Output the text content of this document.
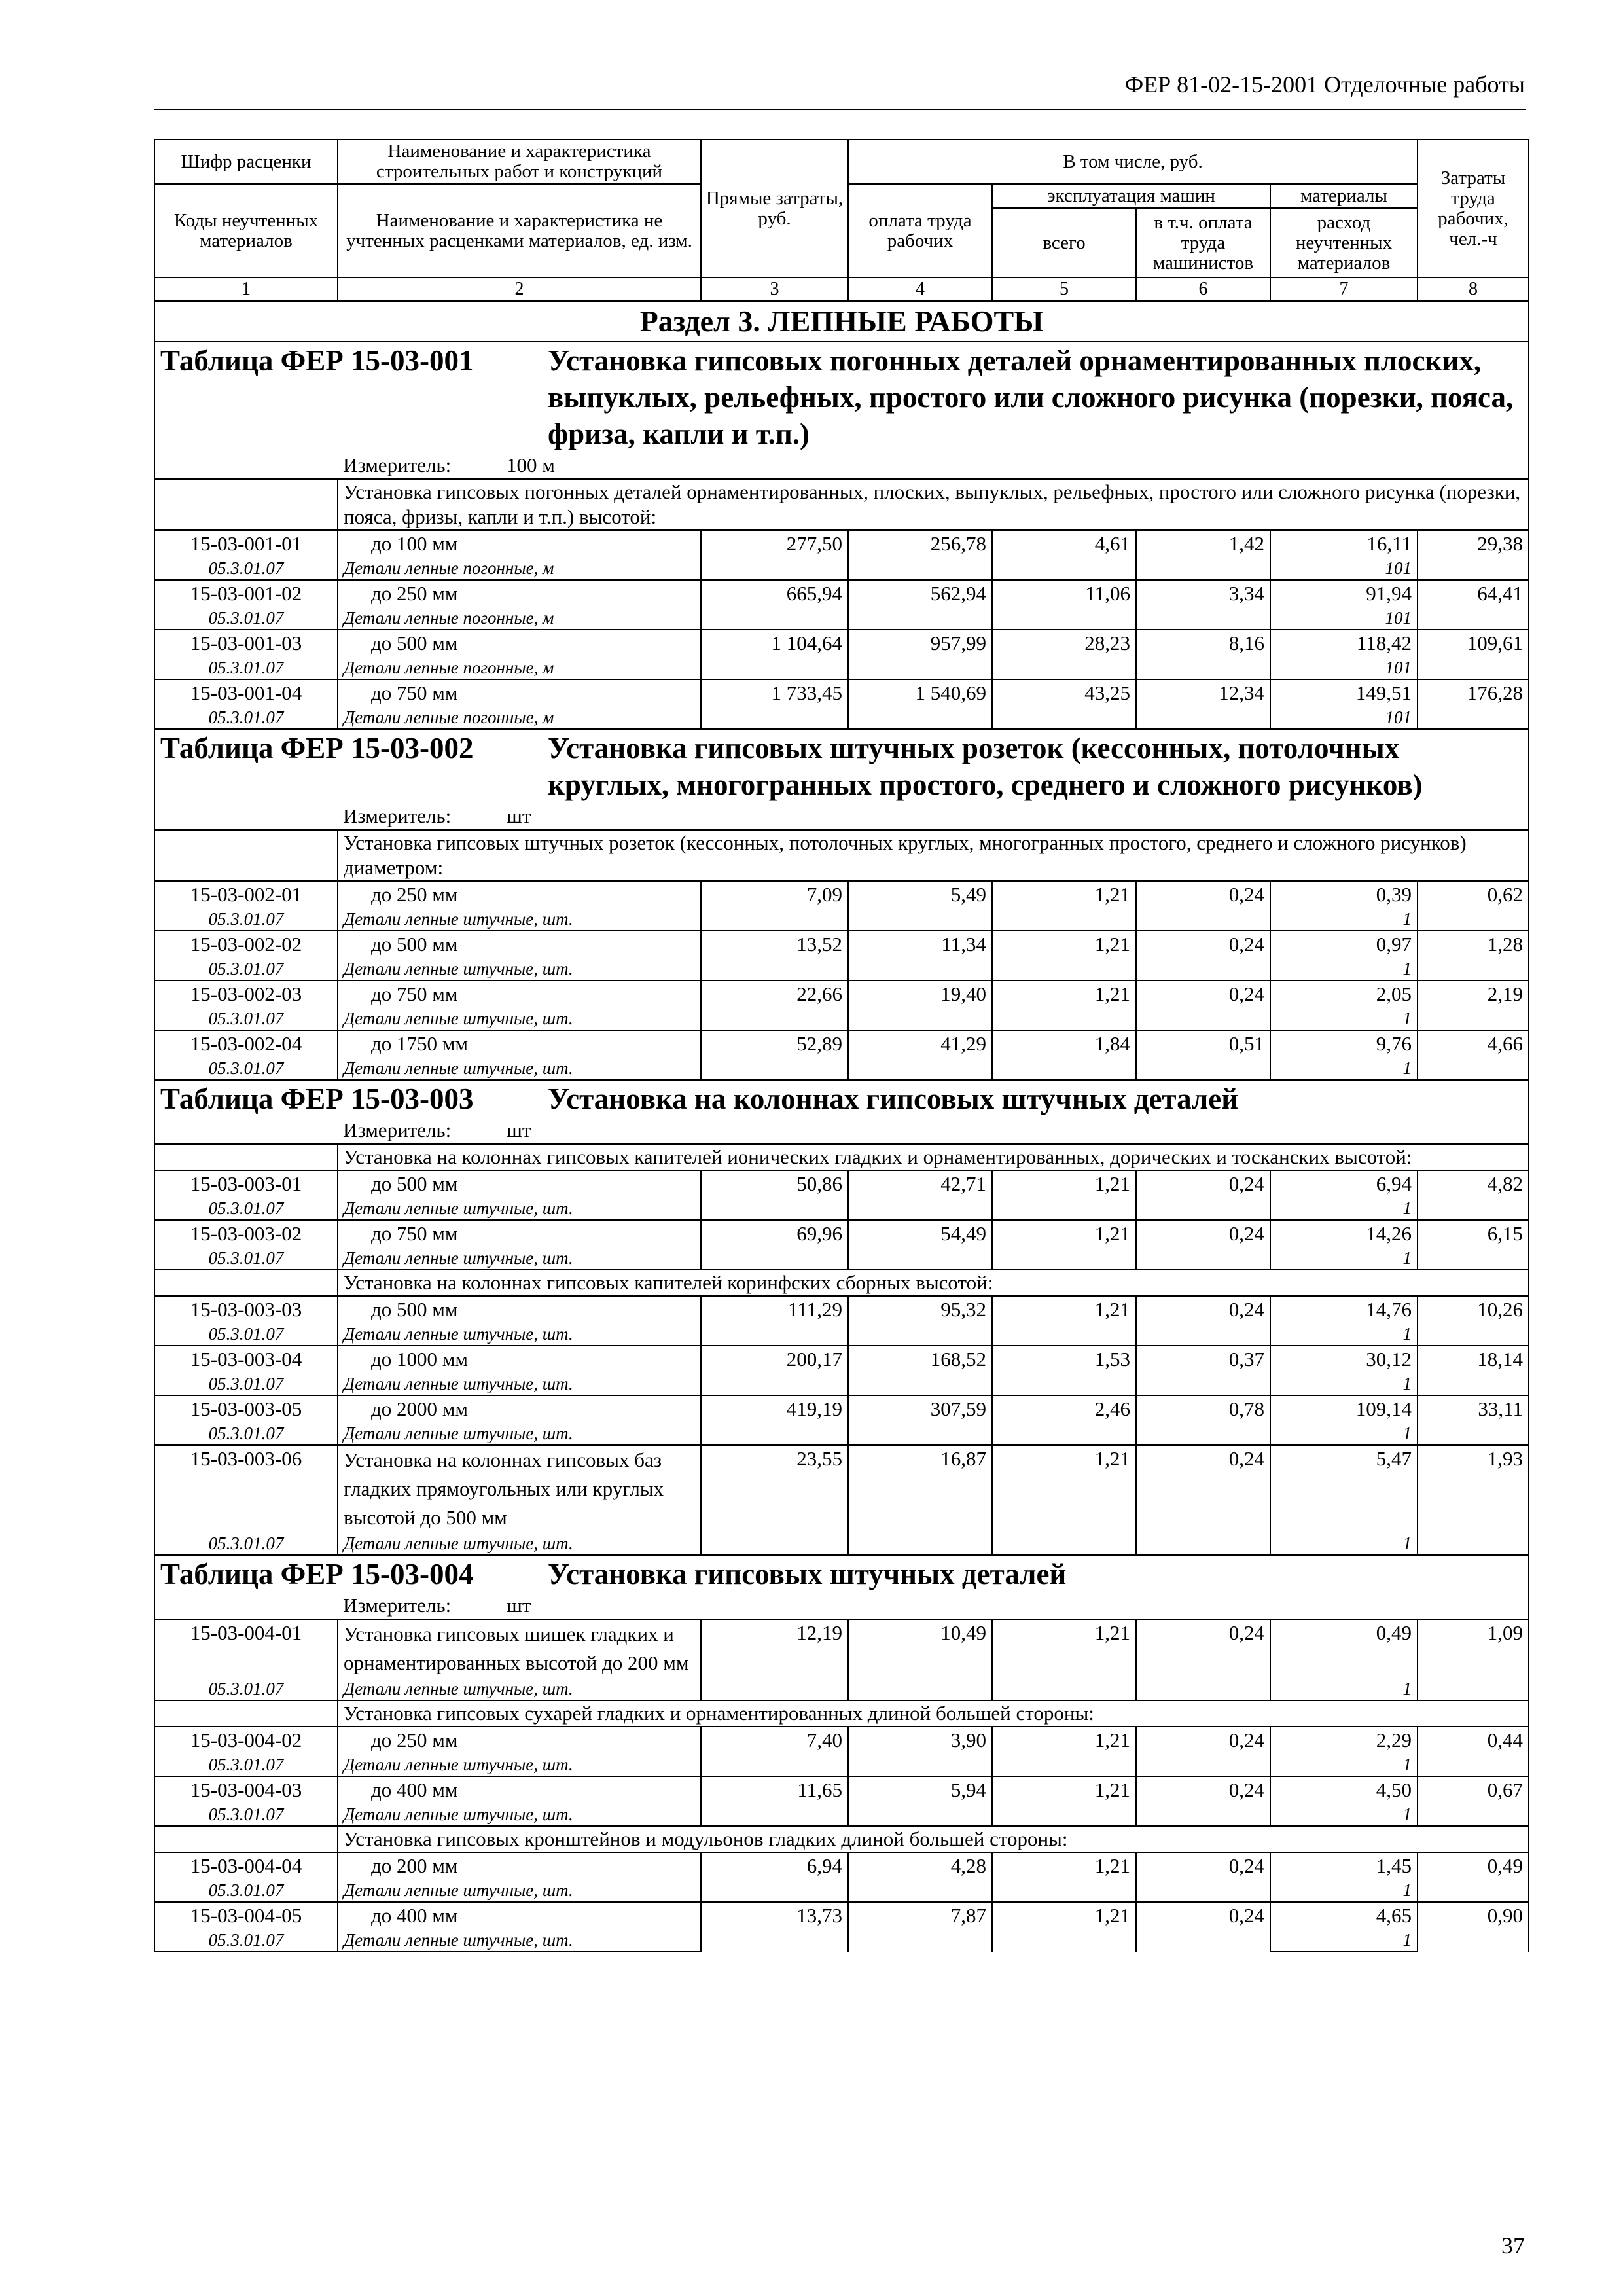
ФЕР 81-02-15-2001 Отделочные работы
Шифр расценки	Наименование и характеристика строительных работ и конструкций	Прямые затраты, руб.	В том числе, руб.				Затраты труда рабочих, чел.-ч
Коды неучтенных материалов	Наименование и характеристика не учтенных расценками материалов, ед. изм.		оплата труда рабочих	эксплуатация машин		материалы	
				всего	в т.ч. оплата труда машинистов	расход неучтенных материалов	
1	2	3	4	5	6	7	8
Раздел 3. ЛЕПНЫЕ РАБОТЫ							

Таблица ФЕР 15-03-001 Установка гипсовых погонных деталей орнаментированных плоских, выпуклых, рельефных, простого или сложного рисунка (порезки, пояса, фриза, капли и т.п.)							

	Измеритель: 100 м						
	Установка гипсовых погонных деталей орнаментированных, плоских, выпуклых, рельефных, простого или сложного рисунка (порезки, пояса, фризы, капли и т.п.) высотой:						
15-03-001-01	до 100 мм	277,50	256,78	4,61	1,42	16,11	29,38
05.3.01.07	Детали лепные погонные, м					101	
15-03-001-02	до 250 мм	665,94	562,94	11,06	3,34	91,94	64,41
05.3.01.07	Детали лепные погонные, м					101	
15-03-001-03	до 500 мм	1 104,64	957,99	28,23	8,16	118,42	109,61
05.3.01.07	Детали лепные погонные, м					101	
15-03-001-04	до 750 мм	1 733,45	1 540,69	43,25	12,34	149,51	176,28
05.3.01.07	Детали лепные погонные, м					101	

Таблица ФЕР 15-03-002 Установка гипсовых штучных розеток (кессонных, потолочных круглых, многогранных простого, среднего и сложного рисунков)							

	Измеритель: шт						
	Установка гипсовых штучных розеток (кессонных, потолочных круглых, многогранных простого, среднего и сложного рисунков) диаметром:						
15-03-002-01	до 250 мм	7,09	5,49	1,21	0,24	0,39	0,62
05.3.01.07	Детали лепные штучные, шт.					1	
15-03-002-02	до 500 мм	13,52	11,34	1,21	0,24	0,97	1,28
05.3.01.07	Детали лепные штучные, шт.					1	
15-03-002-03	до 750 мм	22,66	19,40	1,21	0,24	2,05	2,19
05.3.01.07	Детали лепные штучные, шт.					1	
15-03-002-04	до 1750 мм	52,89	41,29	1,84	0,51	9,76	4,66
05.3.01.07	Детали лепные штучные, шт.					1	

Таблица ФЕР 15-03-003 Установка на колоннах гипсовых штучных деталей							

	Измеритель: шт						
	Установка на колоннах гипсовых капителей ионических гладких и орнаментированных, дорических и тосканских высотой:						
15-03-003-01	до 500 мм	50,86	42,71	1,21	0,24	6,94	4,82
05.3.01.07	Детали лепные штучные, шт.					1	
15-03-003-02	до 750 мм	69,96	54,49	1,21	0,24	14,26	6,15
05.3.01.07	Детали лепные штучные, шт.					1	
	Установка на колоннах гипсовых капителей коринфских сборных высотой:						
15-03-003-03	до 500 мм	111,29	95,32	1,21	0,24	14,76	10,26
05.3.01.07	Детали лепные штучные, шт.					1	
15-03-003-04	до 1000 мм	200,17	168,52	1,53	0,37	30,12	18,14
05.3.01.07	Детали лепные штучные, шт.					1	
15-03-003-05	до 2000 мм	419,19	307,59	2,46	0,78	109,14	33,11
05.3.01.07	Детали лепные штучные, шт.					1	
15-03-003-06	Установка на колоннах гипсовых баз гладких прямоугольных или круглых высотой до 500 мм	23,55	16,87	1,21	0,24	5,47	1,93
05.3.01.07	Детали лепные штучные, шт.					1	

Таблица ФЕР 15-03-004 Установка гипсовых штучных деталей							

	Измеритель: шт						
15-03-004-01	Установка гипсовых шишек гладких и орнаментированных высотой до 200 мм	12,19	10,49	1,21	0,24	0,49	1,09
05.3.01.07	Детали лепные штучные, шт.					1	
	Установка гипсовых сухарей гладких и орнаментированных длиной большей стороны:						
15-03-004-02	до 250 мм	7,40	3,90	1,21	0,24	2,29	0,44
05.3.01.07	Детали лепные штучные, шт.					1	
15-03-004-03	до 400 мм	11,65	5,94	1,21	0,24	4,50	0,67
05.3.01.07	Детали лепные штучные, шт.					1	
	Установка гипсовых кронштейнов и модульонов гладких длиной большей стороны:						
15-03-004-04	до 200 мм	6,94	4,28	1,21	0,24	1,45	0,49
05.3.01.07	Детали лепные штучные, шт.					1	
15-03-004-05	до 400 мм	13,73	7,87	1,21	0,24	4,65	0,90
05.3.01.07	Детали лепные штучные, шт.					1	
37
